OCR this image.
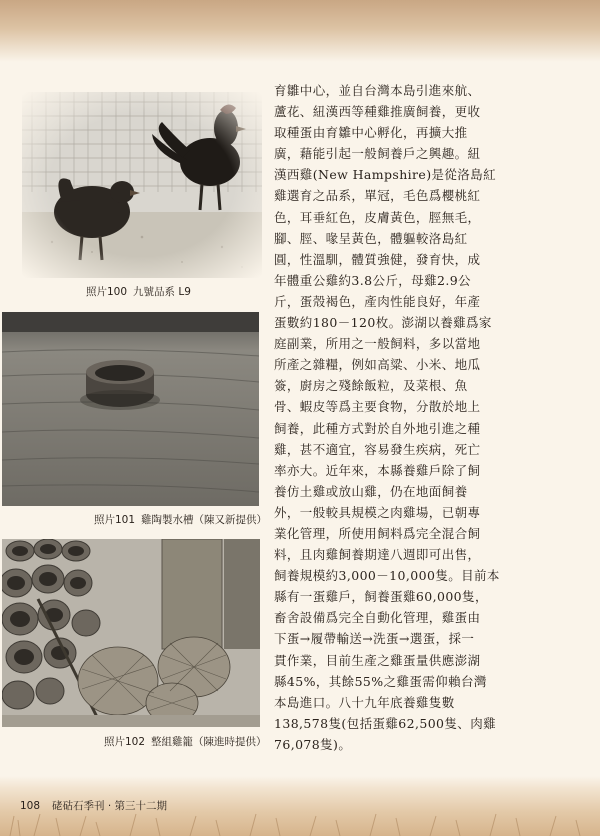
照片100 九號品系 L9
照片101 雞陶製水槽（陳又新提供）
照片102 整組雞籠（陳進時提供）
育雛中心，並自台灣本島引進來航、
蘆花、紐漢西等種雞推廣飼養，更收
取種蛋由育雛中心孵化，再擴大推
廣，藉能引起一般飼養戶之興趣。紐
漢西雞(New Hampshire)是從洛島紅
雞選育之品系，單冠，毛色爲櫻桃紅
色，耳垂紅色，皮膚黃色，脛無毛，
腳、脛、喙呈黃色，體軀較洛島紅
圓，性溫馴，體質強健，發育快，成
年體重公雞約3.8公斤，母雞2.9公
斤，蛋殼褐色，產肉性能良好，年產
蛋數約180－120枚。澎湖以養雞爲家
庭副業，所用之一般飼料，多以當地
所產之雜糧，例如高粱、小米、地瓜
簽，廚房之殘餘飯粒，及菜根、魚
骨、蝦皮等爲主要食物，分散於地上
飼養，此種方式對於自外地引進之種
雞，甚不適宜，容易發生疾病，死亡
率亦大。近年來，本縣養雞戶除了飼
養仿土雞或放山雞，仍在地面飼養
外，一般較具規模之肉雞場，已朝專
業化管理，所使用飼料爲完全混合飼
料，且肉雞飼養期達八週即可出售，
飼養規模約3,000－10,000隻。目前本
縣有一蛋雞戶，飼養蛋雞60,000隻，
畜舍設備爲完全自動化管理，雞蛋由
下蛋→履帶輸送→洗蛋→選蛋，採一
貫作業，目前生產之雞蛋量供應澎湖
縣45%，其餘55%之雞蛋需仰賴台灣
本島進口。八十九年底養雞隻數
138,578隻(包括蛋雞62,500隻、肉雞
76,078隻)。
108 硓𥑮石季刊 · 第三十二期
